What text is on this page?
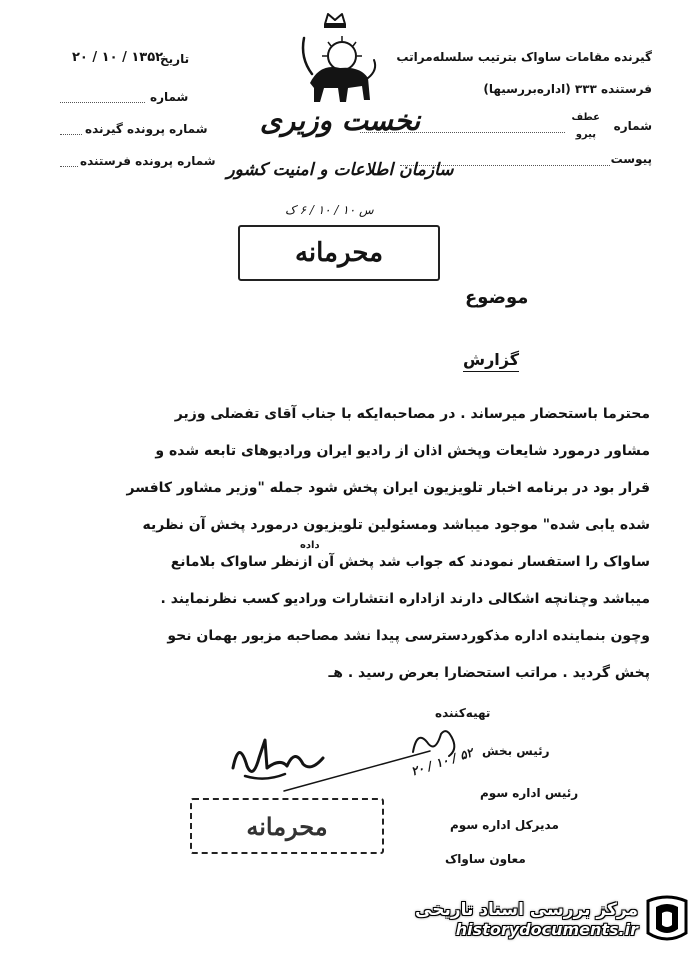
گیرنده مقامات ساواک بترتیب سلسله‌مراتب
فرستنده ۳۳۳ (اداره‌بررسیها)
شماره
عطف
پیرو
پیوست
تاریخ
۲۰ / ۱۰ / ۱۳۵۲
شماره
شماره پرونده گیرنده
شماره پرونده فرستنده
نخست وزیری
سازمان اطلاعات و امنیت کشور
س ۱۰ / ۱۰ / ۶ ک
محرمانه
موضوع
گزارش
محترما باستحضار میرساند . در مصاحبه‌ایکه با جناب آقای تفضلی وزیر
مشاور درمورد شایعات وپخش اذان از رادیو ایران ورادیوهای تابعه شده و
قرار بود در برنامه اخبار تلویزیون ایران پخش شود جمله "وزیر مشاور کافسر
شده یابی شده" موجود میباشد ومسئولین تلویزیون درمورد پخش آن نظریه
داده
ساواک را استفسار نمودند که جواب شد پخش آن ازنظر ساواک بلامانع
میباشد وچنانچه اشکالی دارند ازاداره انتشارات ورادیو کسب نظرنمایند .
وچون بنماینده اداره مذکوردسترسی پیدا نشد مصاحبه مزبور بهمان نحو
پخش گردید . مراتب استحضارا بعرض رسید . هـ
تهیه‌کننده
رئیس بخش
رئیس اداره سوم
مدیرکل اداره سوم
معاون ساواک
۲۰ / ۱۰ / ۵۲
محرمانه
مرکز بررسی اسناد تاریخی
historydocuments.ir
